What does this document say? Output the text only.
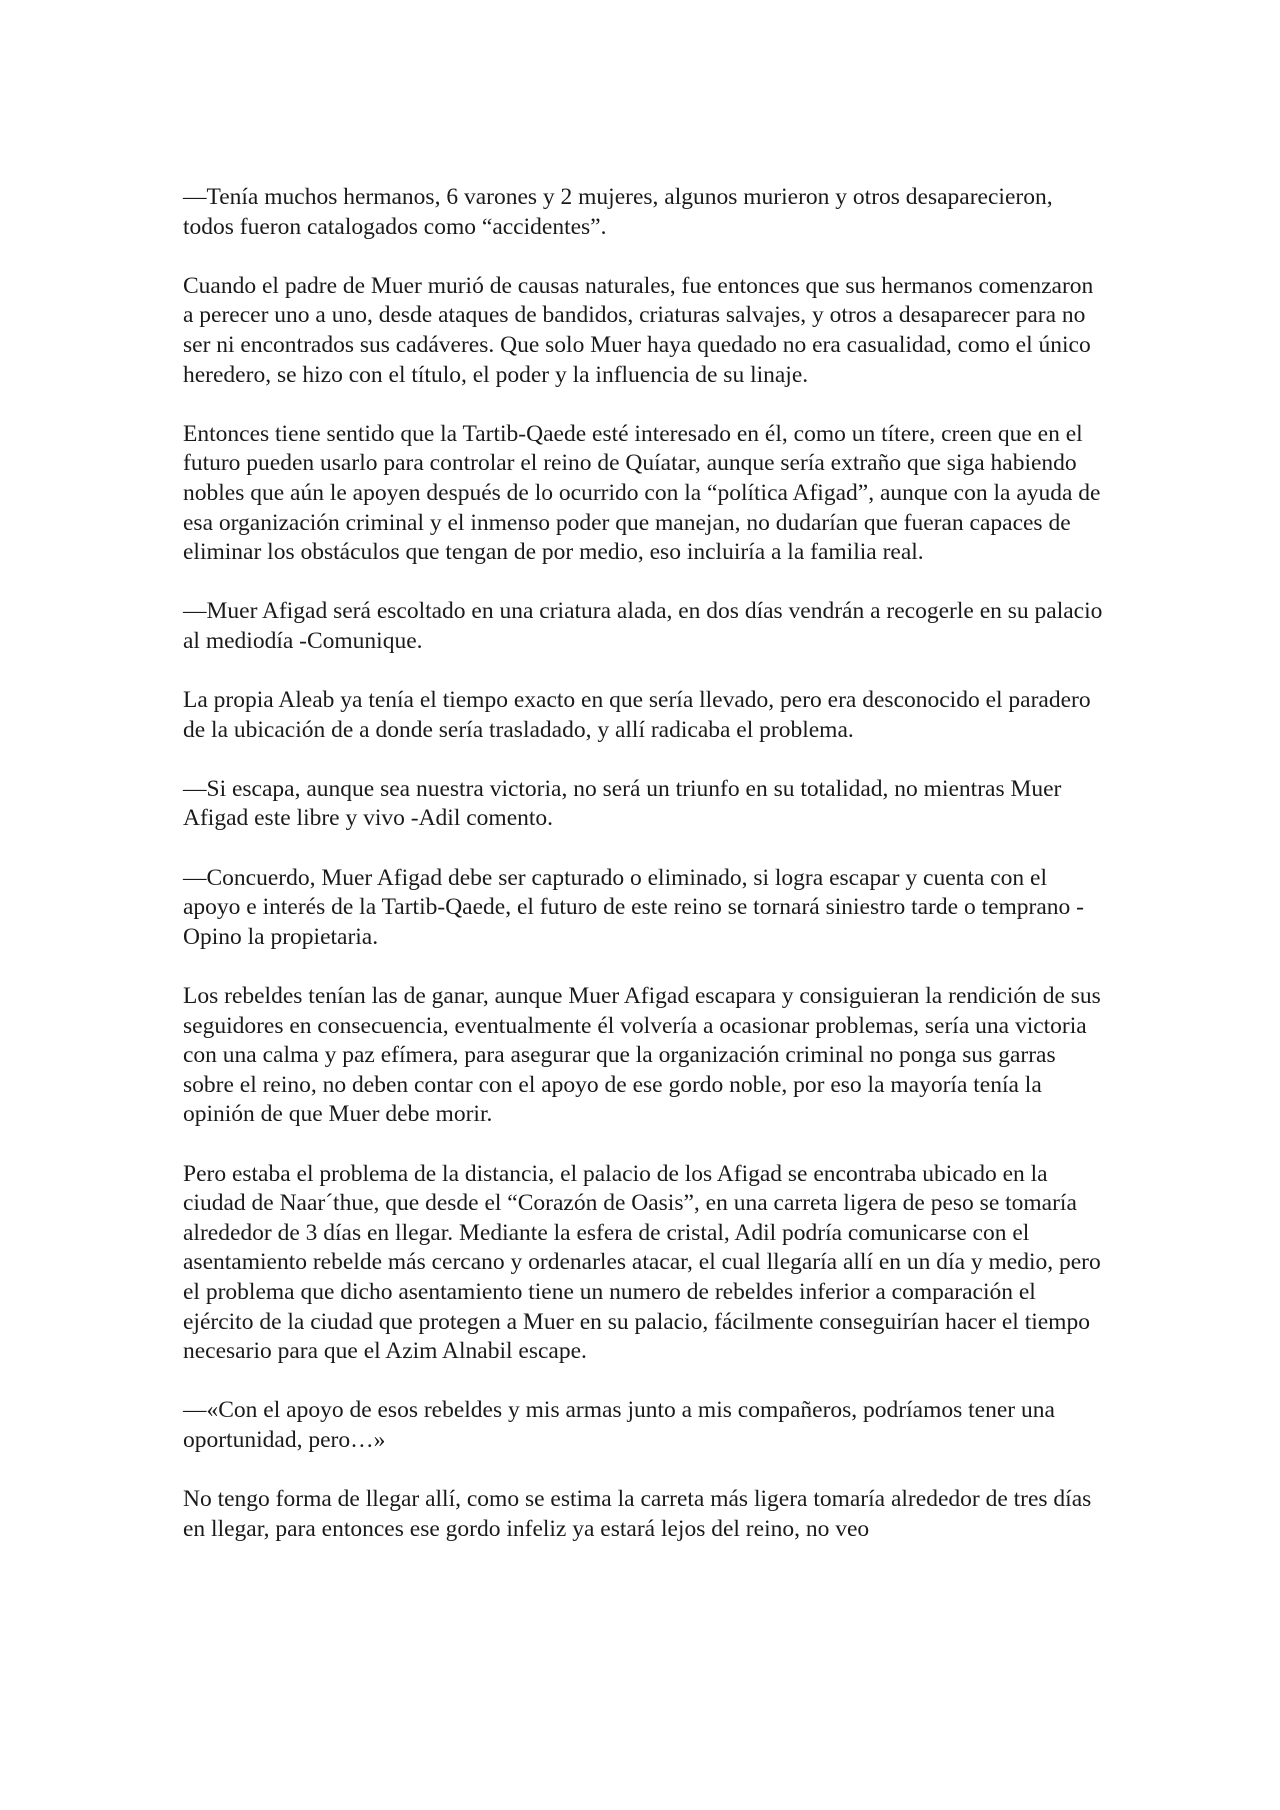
—Tenía muchos hermanos, 6 varones y 2 mujeres, algunos murieron y otros desaparecieron, todos fueron catalogados como “accidentes”.

Cuando el padre de Muer murió de causas naturales, fue entonces que sus hermanos comenzaron a perecer uno a uno, desde ataques de bandidos, criaturas salvajes, y otros a desaparecer para no ser ni encontrados sus cadáveres. Que solo Muer haya quedado no era casualidad, como el único heredero, se hizo con el título, el poder y la influencia de su linaje.

Entonces tiene sentido que la Tartib-Qaede esté interesado en él, como un títere, creen que en el futuro pueden usarlo para controlar el reino de Quíatar, aunque sería extraño que siga habiendo nobles que aún le apoyen después de lo ocurrido con la “política Afigad”, aunque con la ayuda de esa organización criminal y el inmenso poder que manejan, no dudarían que fueran capaces de eliminar los obstáculos que tengan de por medio, eso incluiría a la familia real.

—Muer Afigad será escoltado en una criatura alada, en dos días vendrán a recogerle en su palacio al mediodía -Comunique.

La propia Aleab ya tenía el tiempo exacto en que sería llevado, pero era desconocido el paradero de la ubicación de a donde sería trasladado, y allí radicaba el problema.

—Si escapa, aunque sea nuestra victoria, no será un triunfo en su totalidad, no mientras Muer Afigad este libre y vivo -Adil comento.

—Concuerdo, Muer Afigad debe ser capturado o eliminado, si logra escapar y cuenta con el apoyo e interés de la Tartib-Qaede, el futuro de este reino se tornará siniestro tarde o temprano -Opino la propietaria.

Los rebeldes tenían las de ganar, aunque Muer Afigad escapara y consiguieran la rendición de sus seguidores en consecuencia, eventualmente él volvería a ocasionar problemas, sería una victoria con una calma y paz efímera, para asegurar que la organización criminal no ponga sus garras sobre el reino, no deben contar con el apoyo de ese gordo noble, por eso la mayoría tenía la opinión de que Muer debe morir.

Pero estaba el problema de la distancia, el palacio de los Afigad se encontraba ubicado en la ciudad de Naar´thue, que desde el “Corazón de Oasis”, en una carreta ligera de peso se tomaría alrededor de 3 días en llegar. Mediante la esfera de cristal, Adil podría comunicarse con el asentamiento rebelde más cercano y ordenarles atacar, el cual llegaría allí en un día y medio, pero el problema que dicho asentamiento tiene un numero de rebeldes inferior a comparación el ejército de la ciudad que protegen a Muer en su palacio, fácilmente conseguirían hacer el tiempo necesario para que el Azim Alnabil escape.

—«Con el apoyo de esos rebeldes y mis armas junto a mis compañeros, podríamos tener una oportunidad, pero…»

No tengo forma de llegar allí, como se estima la carreta más ligera tomaría alrededor de tres días en llegar, para entonces ese gordo infeliz ya estará lejos del reino, no veo
